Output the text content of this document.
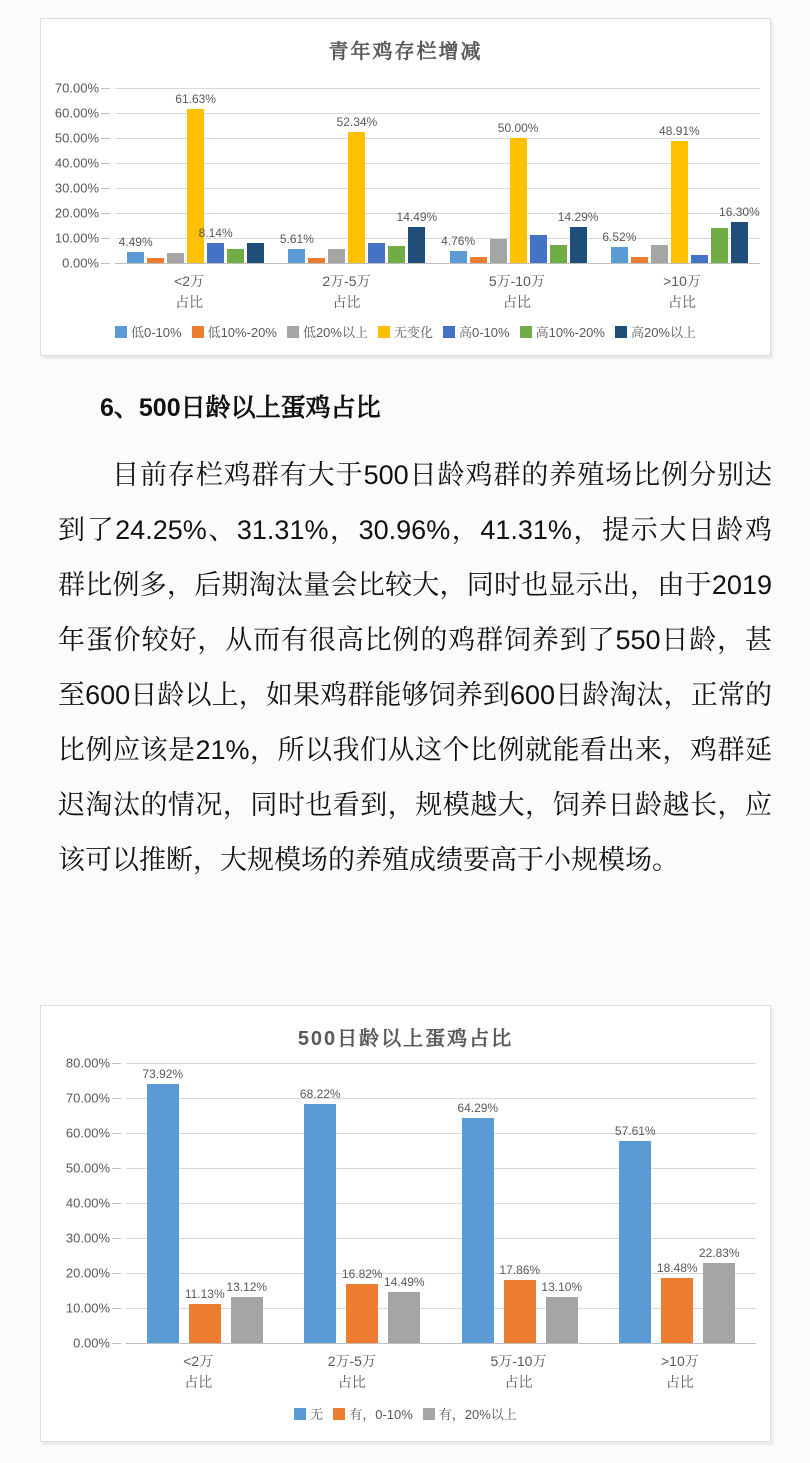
青年鸡存栏增减
70.00%
60.00%
50.00%
40.00%
30.00%
20.00%
10.00%
0.00%
4.49%
61.63%
8.14%	5.61%
52.34%
14.49%
4.76%
50.00%
14.29%
6.52%
48.91%
16.30%
<2万
占比
2万-5万
占比
5万-10万
占比
>10万
占比
低0-10% 低10%-20% 低20%以上 无变化 高0-10% 高10%-20% 高20%以上
6、500日龄以上蛋鸡占比
目前存栏鸡群有大于500日龄鸡群的养殖场比例分别达到了24.25%、31.31%，30.96%，41.31%，提示大日龄鸡群比例多，后期淘汰量会比较大，同时也显示出，由于2019年蛋价较好，从而有很高比例的鸡群饲养到了550日龄，甚至600日龄以上，如果鸡群能够饲养到600日龄淘汰，正常的比例应该是21%，所以我们从这个比例就能看出来，鸡群延迟淘汰的情况，同时也看到，规模越大，饲养日龄越长，应该可以推断，大规模场的养殖成绩要高于小规模场。
500日龄以上蛋鸡占比
80.00%
70.00%
60.00%
50.00%
40.00%
30.00%
20.00%
10.00%
0.00%
73.92%
11.13% 13.12%
68.22%
16.82%
14.49%
64.29%
17.86%
13.10%
57.61%
18.48%
22.83%
<2万
占比
2万-5万
占比
5万-10万
占比
>10万
占比
无 有，0-10% 有，20%以上
